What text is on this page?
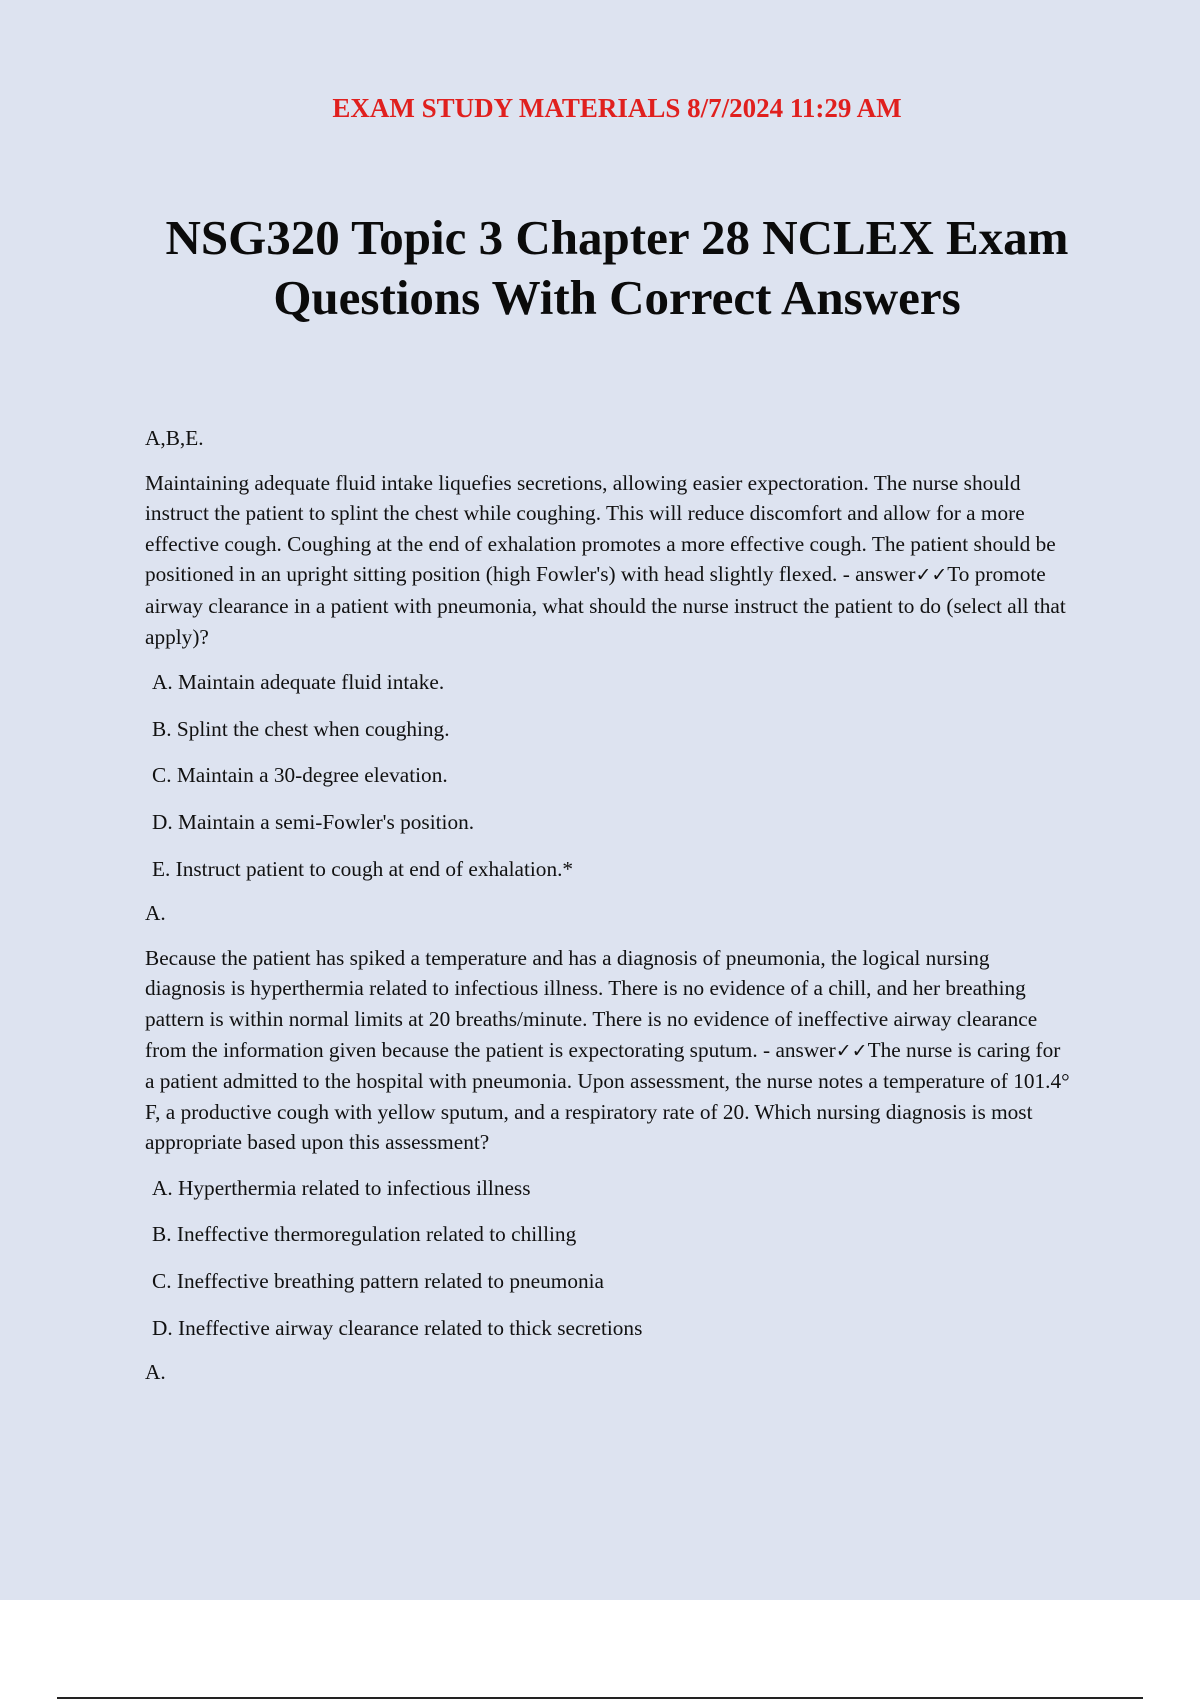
EXAM STUDY MATERIALS 8/7/2024 11:29 AM
NSG320 Topic 3 Chapter 28 NCLEX Exam Questions With Correct Answers

A,B,E.

Maintaining adequate fluid intake liquefies secretions, allowing easier expectoration. The nurse should instruct the patient to splint the chest while coughing. This will reduce discomfort and allow for a more effective cough. Coughing at the end of exhalation promotes a more effective cough. The patient should be positioned in an upright sitting position (high Fowler's) with head slightly flexed. - answer✓✓To promote airway clearance in a patient with pneumonia, what should the nurse instruct the patient to do (select all that apply)?

A. Maintain adequate fluid intake.
B. Splint the chest when coughing.
C. Maintain a 30-degree elevation.
D. Maintain a semi-Fowler's position.
E. Instruct patient to cough at end of exhalation.*

A.

Because the patient has spiked a temperature and has a diagnosis of pneumonia, the logical nursing diagnosis is hyperthermia related to infectious illness. There is no evidence of a chill, and her breathing pattern is within normal limits at 20 breaths/minute. There is no evidence of ineffective airway clearance from the information given because the patient is expectorating sputum. - answer✓✓The nurse is caring for a patient admitted to the hospital with pneumonia. Upon assessment, the nurse notes a temperature of 101.4° F, a productive cough with yellow sputum, and a respiratory rate of 20. Which nursing diagnosis is most appropriate based upon this assessment?

A. Hyperthermia related to infectious illness
B. Ineffective thermoregulation related to chilling
C. Ineffective breathing pattern related to pneumonia
D. Ineffective airway clearance related to thick secretions

A.
